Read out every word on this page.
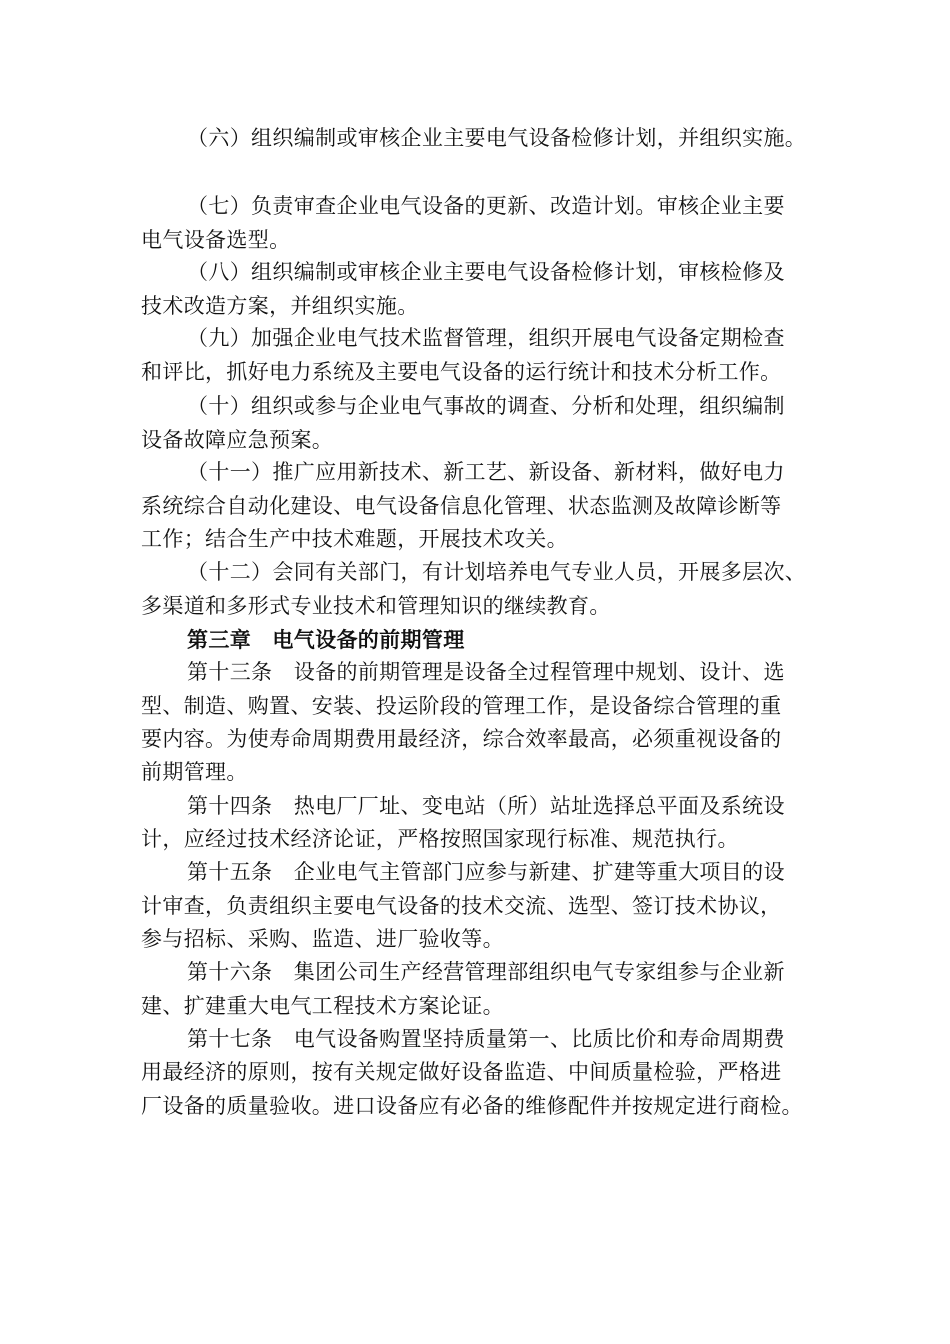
（六）组织编制或审核企业主要电气设备检修计划，并组织实施。
（七）负责审查企业电气设备的更新、改造计划。审核企业主要
电气设备选型。
（八）组织编制或审核企业主要电气设备检修计划，审核检修及
技术改造方案，并组织实施。
（九）加强企业电气技术监督管理，组织开展电气设备定期检查
和评比，抓好电力系统及主要电气设备的运行统计和技术分析工作。
（十）组织或参与企业电气事故的调查、分析和处理，组织编制
设备故障应急预案。
（十一）推广应用新技术、新工艺、新设备、新材料，做好电力
系统综合自动化建设、电气设备信息化管理、状态监测及故障诊断等
工作；结合生产中技术难题，开展技术攻关。
（十二）会同有关部门，有计划培养电气专业人员，开展多层次、
多渠道和多形式专业技术和管理知识的继续教育。
第三章　电气设备的前期管理
第十三条　设备的前期管理是设备全过程管理中规划、设计、选
型、制造、购置、安装、投运阶段的管理工作，是设备综合管理的重
要内容。为使寿命周期费用最经济，综合效率最高，必须重视设备的
前期管理。
第十四条　热电厂厂址、变电站（所）站址选择总平面及系统设
计，应经过技术经济论证，严格按照国家现行标准、规范执行。
第十五条　企业电气主管部门应参与新建、扩建等重大项目的设
计审查，负责组织主要电气设备的技术交流、选型、签订技术协议，
参与招标、采购、监造、进厂验收等。
第十六条　集团公司生产经营管理部组织电气专家组参与企业新
建、扩建重大电气工程技术方案论证。
第十七条　电气设备购置坚持质量第一、比质比价和寿命周期费
用最经济的原则，按有关规定做好设备监造、中间质量检验，严格进
厂设备的质量验收。进口设备应有必备的维修配件并按规定进行商检。
